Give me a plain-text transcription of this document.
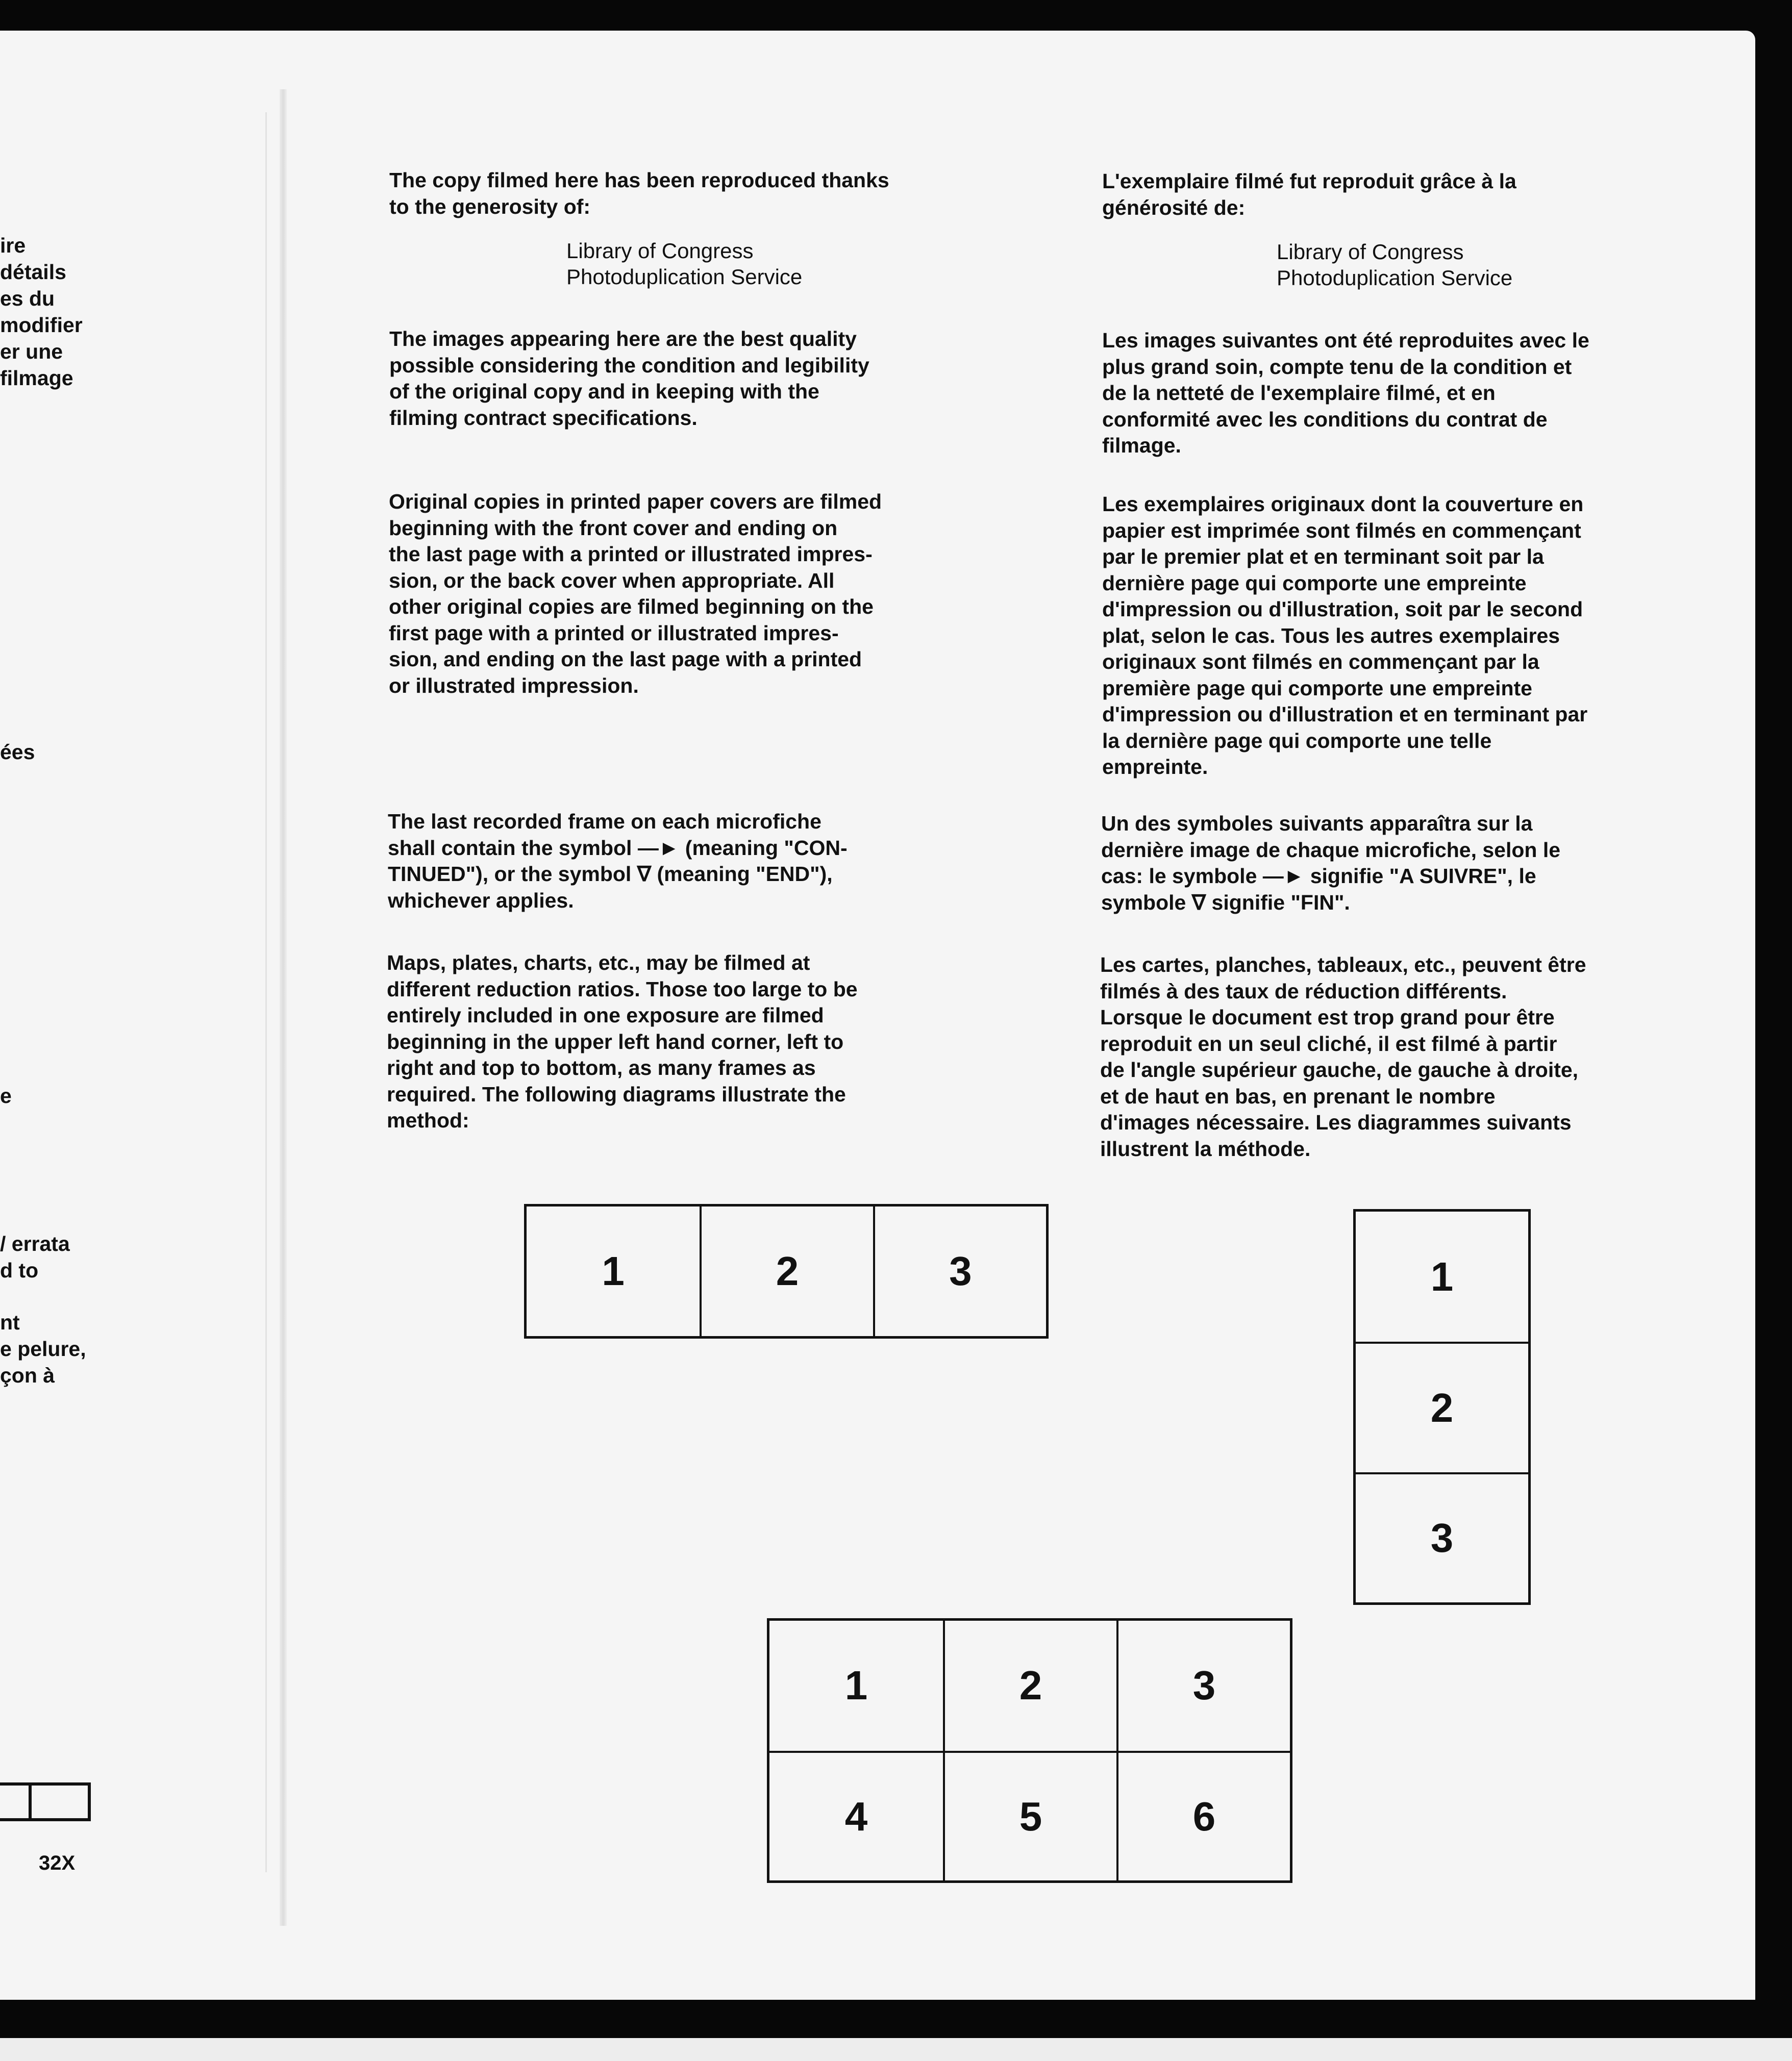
ire
détails
es du
modifier
er une
filmage
ées
e
/ errata
d to
nt
e pelure,
çon à
32X
The copy filmed here has been reproduced thanks
to the generosity of:
Library of Congress
Photoduplication Service
The images appearing here are the best quality
possible considering the condition and legibility
of the original copy and in keeping with the
filming contract specifications.
Original copies in printed paper covers are filmed
beginning with the front cover and ending on
the last page with a printed or illustrated impres-
sion, or the back cover when appropriate. All
other original copies are filmed beginning on the
first page with a printed or illustrated impres-
sion, and ending on the last page with a printed
or illustrated impression.
The last recorded frame on each microfiche
shall contain the symbol —► (meaning "CON-
TINUED"), or the symbol ∇ (meaning "END"),
whichever applies.
Maps, plates, charts, etc., may be filmed at
different reduction ratios. Those too large to be
entirely included in one exposure are filmed
beginning in the upper left hand corner, left to
right and top to bottom, as many frames as
required. The following diagrams illustrate the
method:
L'exemplaire filmé fut reproduit grâce à la
générosité de:
Library of Congress
Photoduplication Service
Les images suivantes ont été reproduites avec le
plus grand soin, compte tenu de la condition et
de la netteté de l'exemplaire filmé, et en
conformité avec les conditions du contrat de
filmage.
Les exemplaires originaux dont la couverture en
papier est imprimée sont filmés en commençant
par le premier plat et en terminant soit par la
dernière page qui comporte une empreinte
d'impression ou d'illustration, soit par le second
plat, selon le cas. Tous les autres exemplaires
originaux sont filmés en commençant par la
première page qui comporte une empreinte
d'impression ou d'illustration et en terminant par
la dernière page qui comporte une telle
empreinte.
Un des symboles suivants apparaîtra sur la
dernière image de chaque microfiche, selon le
cas: le symbole —► signifie "A SUIVRE", le
symbole ∇ signifie "FIN".
Les cartes, planches, tableaux, etc., peuvent être
filmés à des taux de réduction différents.
Lorsque le document est trop grand pour être
reproduit en un seul cliché, il est filmé à partir
de l'angle supérieur gauche, de gauche à droite,
et de haut en bas, en prenant le nombre
d'images nécessaire. Les diagrammes suivants
illustrent la méthode.
1	2	3	1
2
3
1	2	3
4	5	6
